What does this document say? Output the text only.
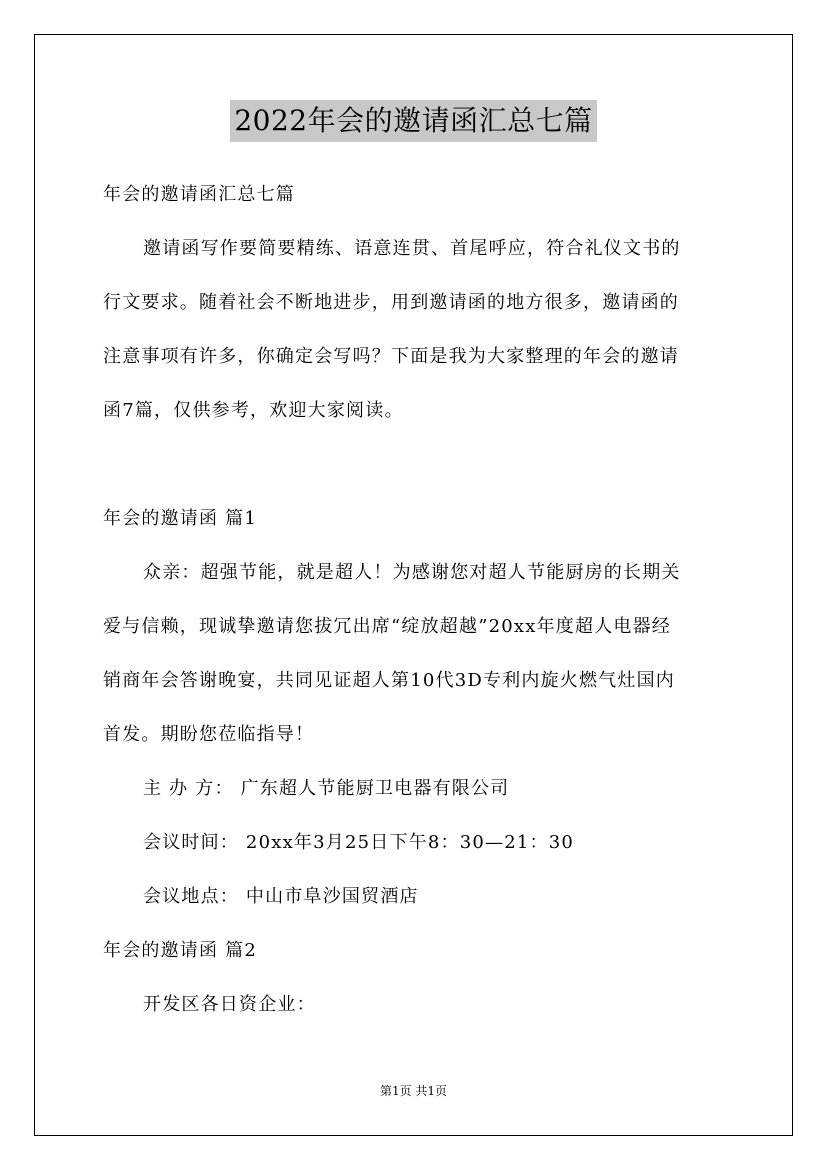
2022年会的邀请函汇总七篇
年会的邀请函汇总七篇
邀请函写作要简要精练、语意连贯、首尾呼应，符合礼仪文书的
行文要求。随着社会不断地进步，用到邀请函的地方很多，邀请函的
注意事项有许多，你确定会写吗？下面是我为大家整理的年会的邀请
函7篇，仅供参考，欢迎大家阅读。
年会的邀请函 篇1
众亲：超强节能，就是超人！为感谢您对超人节能厨房的长期关
爱与信赖，现诚挚邀请您拔冗出席“绽放超越”20xx年度超人电器经
销商年会答谢晚宴，共同见证超人第10代3D专利内旋火燃气灶国内
首发。期盼您莅临指导！
主 办 方： 广东超人节能厨卫电器有限公司
会议时间： 20xx年3月25日下午8：30—21：30
会议地点： 中山市阜沙国贸酒店
年会的邀请函 篇2
开发区各日资企业：
第1页 共1页
